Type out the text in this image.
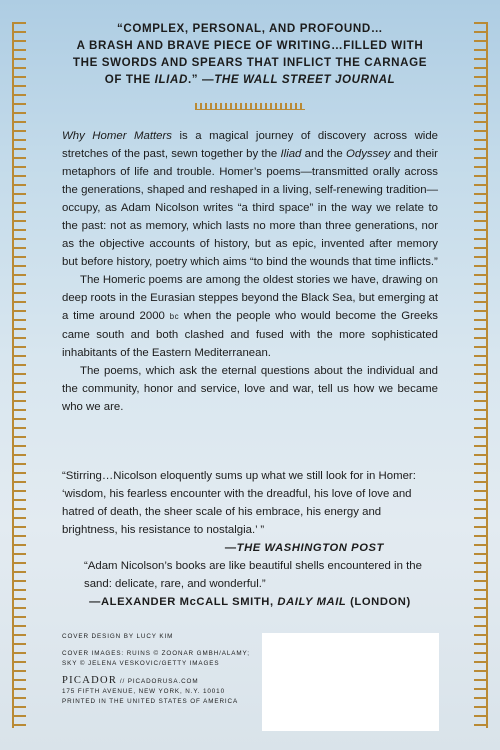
“COMPLEX, PERSONAL, AND PROFOUND…
A BRASH AND BRAVE PIECE OF WRITING…FILLED WITH
THE SWORDS AND SPEARS THAT INFLICT THE CARNAGE
OF THE ILIAD.” —THE WALL STREET JOURNAL

Why Homer Matters is a magical journey of discovery across wide stretches of the past, sewn together by the Iliad and the Odyssey and their metaphors of life and trouble. Homer’s poems—transmitted orally across the generations, shaped and reshaped in a living, self-renewing tradition—occupy, as Adam Nicolson writes “a third space” in the way we relate to the past: not as memory, which lasts no more than three generations, nor as the objective accounts of history, but as epic, invented after memory but before history, poetry which aims “to bind the wounds that time inflicts.”

The Homeric poems are among the oldest stories we have, drawing on deep roots in the Eurasian steppes beyond the Black Sea, but emerging at a time around 2000 bc when the people who would become the Greeks came south and both clashed and fused with the more sophisticated inhabitants of the Eastern Mediterranean.

The poems, which ask the eternal questions about the individual and the community, honor and service, love and war, tell us how we became who we are.

“Stirring…Nicolson eloquently sums up what we still look for in Homer: ‘wisdom, his fearless encounter with the dreadful, his love of love and hatred of death, the sheer scale of his embrace, his energy and brightness, his resistance to nostalgia.’ ”
—THE WASHINGTON POST
“Adam Nicolson’s books are like beautiful shells encountered in the sand: delicate, rare, and wonderful.”
—ALEXANDER McCALL SMITH, DAILY MAIL (LONDON)
COVER DESIGN BY LUCY KIM
COVER IMAGES: RUINS © ZOONAR GMBH/ALAMY;
SKY © JELENA VESKOVIC/GETTY IMAGES
PICADOR // PICADORUSA.COM
175 FIFTH AVENUE, NEW YORK, N.Y. 10010
PRINTED IN THE UNITED STATES OF AMERICA
